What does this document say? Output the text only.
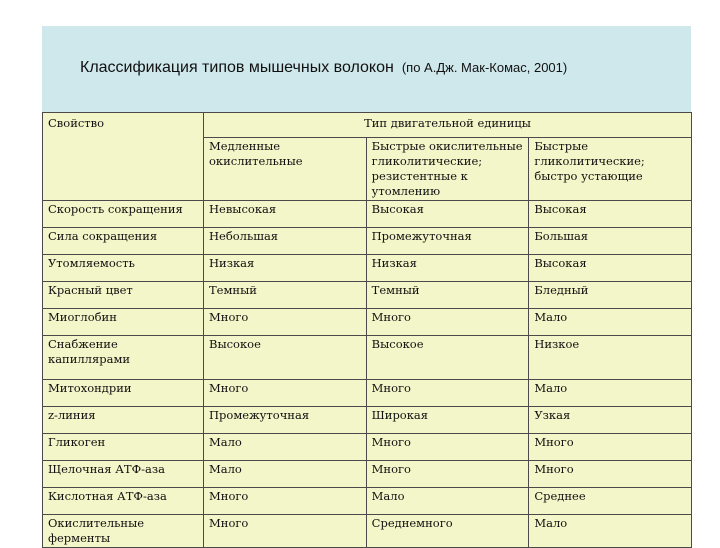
Классификация типов мышечных волокон (по А.Дж. Мак-Комас, 2001)
Свойство	Тип двигательной единицы		
	Медленные окислительные	Быстрые окислительные гликолитические; резистентные к утомлению	Быстрые гликолитические; быстро устающие
Скорость сокращения	Невысокая	Высокая	Высокая
Сила сокращения	Небольшая	Промежуточная	Большая
Утомляемость	Низкая	Низкая	Высокая
Красный цвет	Темный	Темный	Бледный
Миоглобин	Много	Много	Мало
Снабжение капиллярами	Высокое	Высокое	Низкое
Митохондрии	Много	Много	Мало
z-линия	Промежуточная	Широкая	Узкая
Гликоген	Мало	Много	Много
Щелочная АТФ-аза	Мало	Много	Много
Кислотная АТФ-аза	Много	Мало	Среднее
Окислительные ферменты	Много	Среднемного	Мало
